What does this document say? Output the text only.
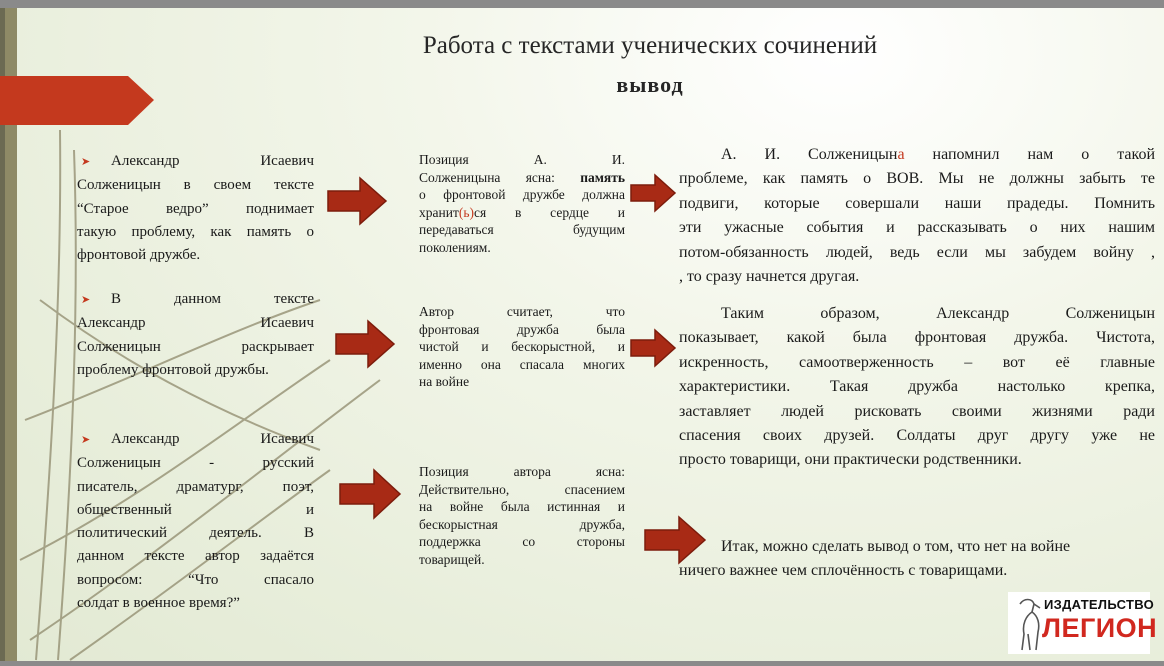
Работа с текстами ученических сочинений
вывод
➤ Александр Исаевич
Солженицын в своем тексте
“Старое ведро” поднимает
такую проблему, как память о
фронтовой дружбе.
➤ В данном тексте
Александр Исаевич
Солженицын раскрывает
проблему фронтовой дружбы.
➤ Александр Исаевич
Солженицын - русский
писатель, драматург, поэт,
общественный и
политический деятель. В
данном тексте автор задаётся
вопросом: “Что спасало
солдат в военное время?”
Позиция А. И.
Солженицына ясна: память
о фронтовой дружбе должна
хранит(ь)ся в сердце и
передаваться будущим
поколениям.
Автор считает, что
фронтовая дружба была
чистой и бескорыстной, и
именно она спасала многих
на войне
Позиция автора ясна:
Действительно, спасением
на войне была истинная и
бескорыстная дружба,
поддержка со стороны
товарищей.
А. И. Солженицына напомнил нам о такой
проблеме, как память о ВОВ. Мы не должны забыть те
подвиги, которые совершали наши прадеды. Помнить
эти ужасные события и рассказывать о них нашим
потом-обязанность людей, ведь если мы забудем войну ,
, то сразу начнется другая.
Таким образом, Александр Солженицын
показывает, какой была фронтовая дружба. Чистота,
искренность, самоотверженность – вот её главные
характеристики. Такая дружба настолько крепка,
заставляет людей рисковать своими жизнями ради
спасения своих друзей. Солдаты друг другу уже не
просто товарищи, они практически родственники.
Итак, можно сделать вывод о том, что нет на войне
ничего важнее чем сплочённость с товарищами.
ИЗДАТЕЛЬСТВО
ЛЕГИОН
